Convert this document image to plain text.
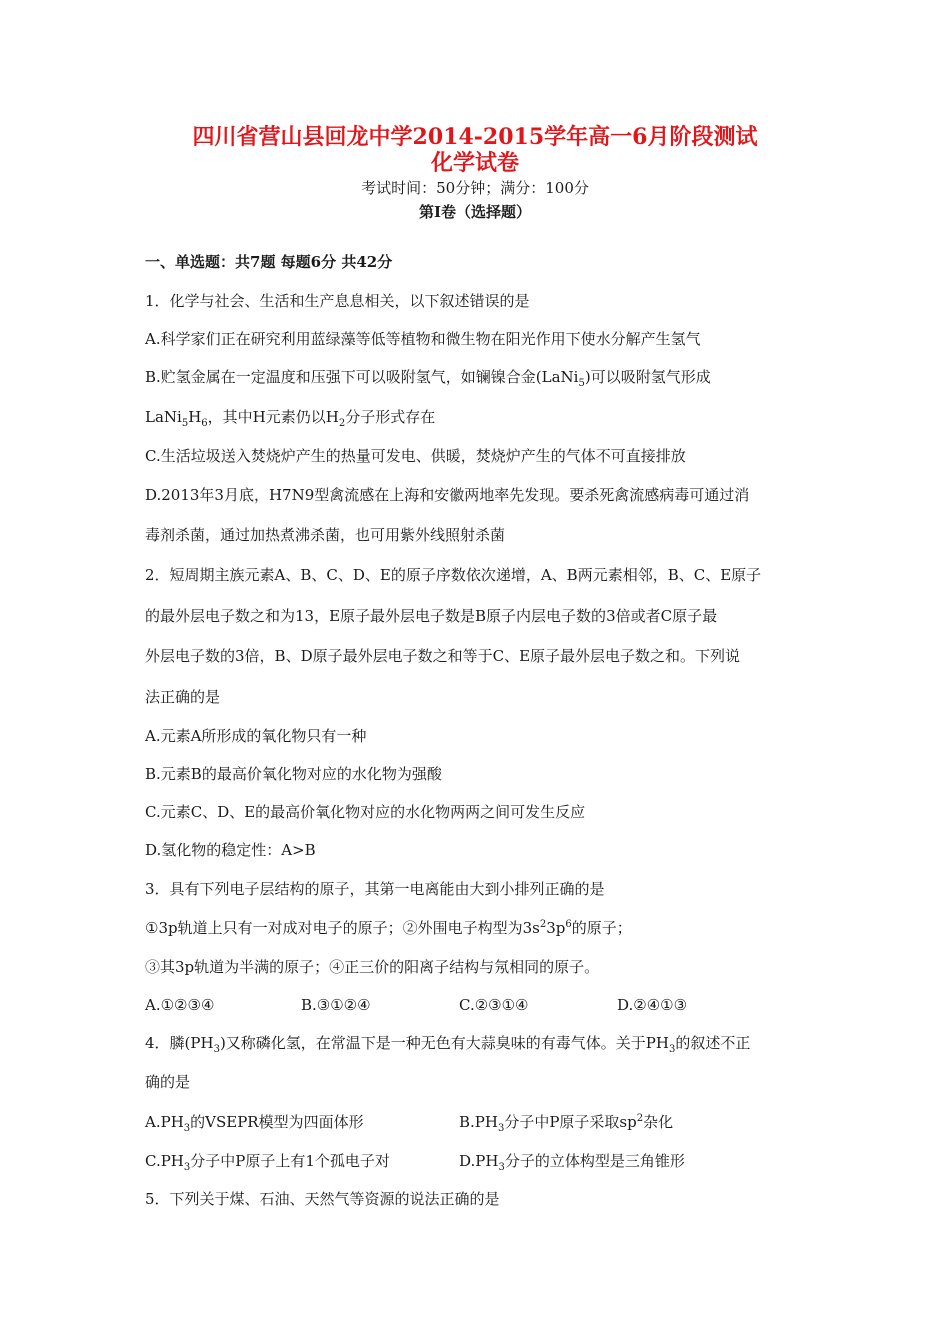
四川省营山县回龙中学2014-2015学年高一6月阶段测试
化学试卷
考试时间：50分钟；满分：100分
第I卷（选择题）
一、单选题：共7题 每题6分 共42分
1．化学与社会、生活和生产息息相关，以下叙述错误的是
A.科学家们正在研究利用蓝绿藻等低等植物和微生物在阳光作用下使水分解产生氢气
B.贮氢金属在一定温度和压强下可以吸附氢气，如镧镍合金(LaNi$_5$)可以吸附氢气形成
$LaNi_5H_6$，其中H元素仍以$H_2$分子形式存在
C.生活垃圾送入焚烧炉产生的热量可发电、供暖，焚烧炉产生的气体不可直接排放
D.2013年3月底，H7N9型禽流感在上海和安徽两地率先发现。要杀死禽流感病毒可通过消
毒剂杀菌，通过加热煮沸杀菌，也可用紫外线照射杀菌
2．短周期主族元素A、B、C、D、E的原子序数依次递增，A、B两元素相邻，B、C、E原子
的最外层电子数之和为13，E原子最外层电子数是B原子内层电子数的3倍或者C原子最
外层电子数的3倍，B、D原子最外层电子数之和等于C、E原子最外层电子数之和。下列说
法正确的是
A.元素A所形成的氧化物只有一种
B.元素B的最高价氧化物对应的水化物为强酸
C.元素C、D、E的最高价氧化物对应的水化物两两之间可发生反应
D.氢化物的稳定性：A>B
3．具有下列电子层结构的原子，其第一电离能由大到小排列正确的是
①3p轨道上只有一对成对电子的原子；②外围电子构型为$3s^23p^6$的原子；
③其3p轨道为半满的原子；④正三价的阳离子结构与氖相同的原子。
A.①②③④	B.③①②④	C.②③①④	D.②④①③
4．膦$(PH_3)$又称磷化氢，在常温下是一种无色有大蒜臭味的有毒气体。关于$PH_3$的叙述不正
确的是
$A.PH_3$的VSEPR模型为四面体形	$B.PH_3$分子中P原子采取$sp^2$杂化
$C.PH_3$分子中P原子上有1个孤电子对	$D.PH_3$分子的立体构型是三角锥形
5．下列关于煤、石油、天然气等资源的说法正确的是
